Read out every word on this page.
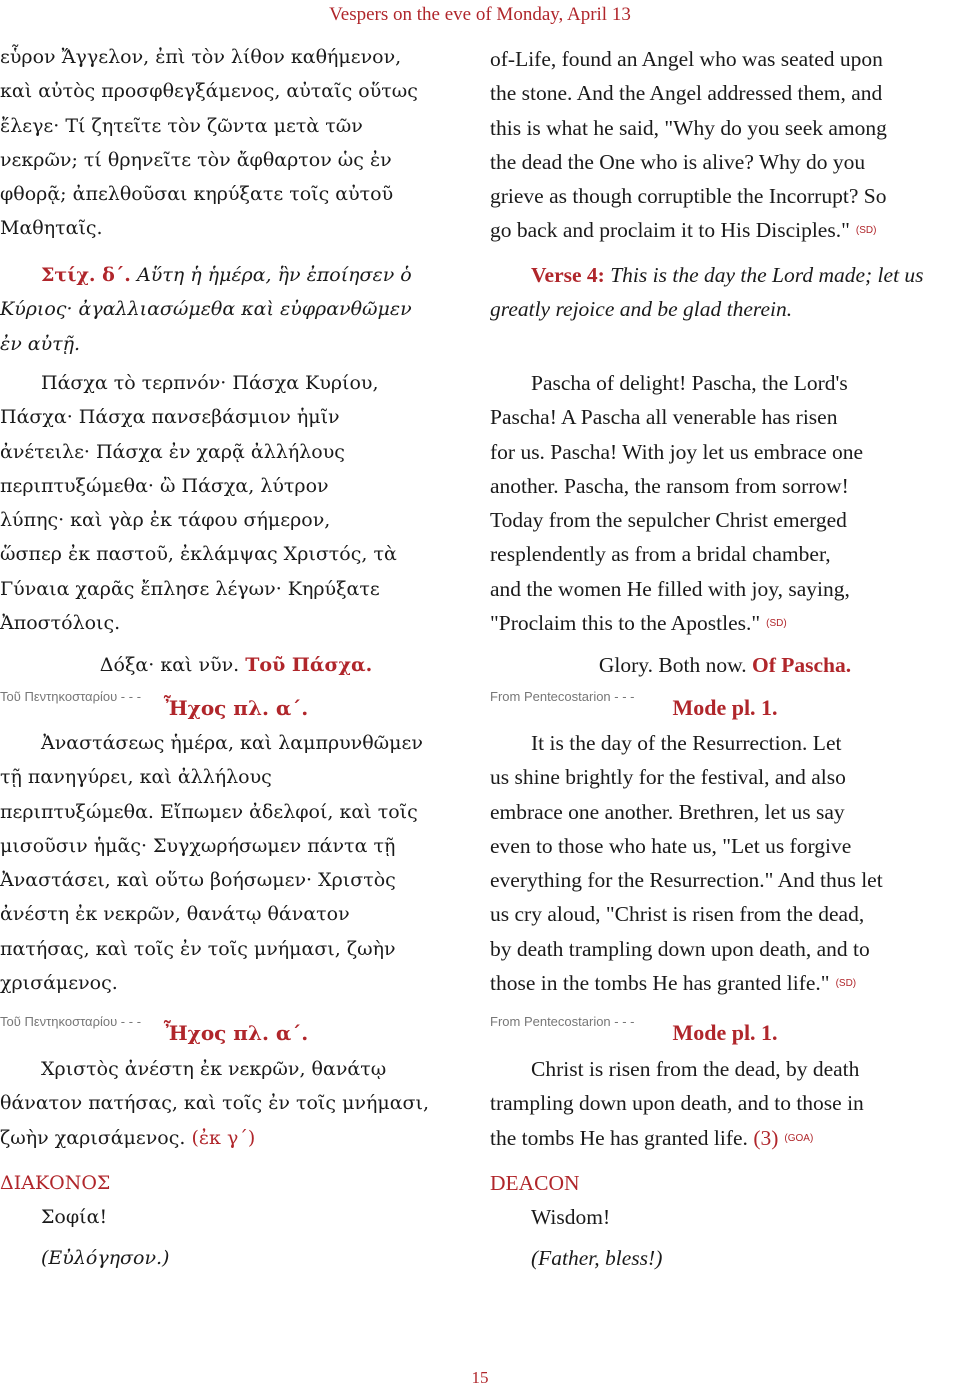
Vespers on the eve of Monday, April 13
εὗρον Ἄγγελον, ἐπὶ τὸν λίθον καθήμενον,
καὶ αὐτὸς προσφθεγξάμενος, αὐταῖς οὕτως
ἔλεγε· Τί ζητεῖτε τὸν ζῶντα μετὰ τῶν
νεκρῶν; τί θρηνεῖτε τὸν ἄφθαρτον ὡς ἐν
φθορᾷ; ἀπελθοῦσαι κηρύξατε τοῖς αὐτοῦ
Μαθηταῖς.
Στίχ. δ΄. Αὕτη ἡ ἡμέρα, ἣν ἐποίησεν ὁ
Κύριος· ἀγαλλιασώμεθα καὶ εὐφρανθῶμεν
ἐν αὐτῇ.
Πάσχα τὸ τερπνόν· Πάσχα Κυρίου,
Πάσχα· Πάσχα πανσεβάσμιον ἡμῖν
ἀνέτειλε· Πάσχα ἐν χαρᾷ ἀλλήλους
περιπτυξώμεθα· ὢ Πάσχα, λύτρον
λύπης· καὶ γὰρ ἐκ τάφου σήμερον,
ὥσπερ ἐκ παστοῦ, ἐκλάμψας Χριστός, τὰ
Γύναια χαρᾶς ἔπλησε λέγων· Κηρύξατε
Ἀποστόλοις.
Δόξα· καὶ νῦν. Τοῦ Πάσχα.
Τοῦ Πεντηκοσταρίου - - -	Ἦχος πλ. α΄.
Ἀναστάσεως ἡμέρα, καὶ λαμπρυνθῶμεν
τῇ πανηγύρει, καὶ ἀλλήλους
περιπτυξώμεθα. Εἴπωμεν ἀδελφοί, καὶ τοῖς
μισοῦσιν ἡμᾶς· Συγχωρήσωμεν πάντα τῇ
Ἀναστάσει, καὶ οὕτω βοήσωμεν· Χριστὸς
ἀνέστη ἐκ νεκρῶν, θανάτῳ θάνατον
πατήσας, καὶ τοῖς ἐν τοῖς μνήμασι, ζωὴν
χρισάμενος.
Τοῦ Πεντηκοσταρίου - - -	Ἦχος πλ. α΄.
Χριστὸς ἀνέστη ἐκ νεκρῶν, θανάτῳ
θάνατον πατήσας, καὶ τοῖς ἐν τοῖς μνήμασι,
ζωὴν χαρισάμενος. (ἐκ γ΄)
ΔΙΑΚΟΝΟΣ
Σοφία!
(Εὐλόγησον.)
of-Life, found an Angel who was seated upon
the stone. And the Angel addressed them, and
this is what he said, "Why do you seek among
the dead the One who is alive? Why do you
grieve as though corruptible the Incorrupt? So
go back and proclaim it to His Disciples." $^{(SD)}$
Verse 4: This is the day the Lord made; let us
greatly rejoice and be glad therein.
Pascha of delight! Pascha, the Lord's
Pascha! A Pascha all venerable has risen
for us. Pascha! With joy let us embrace one
another. Pascha, the ransom from sorrow!
Today from the sepulcher Christ emerged
resplendently as from a bridal chamber,
and the women He filled with joy, saying,
"Proclaim this to the Apostles." $^{(SD)}$
Glory. Both now. Of Pascha.
From Pentecostarion - - -	Mode pl. 1.
It is the day of the Resurrection. Let
us shine brightly for the festival, and also
embrace one another. Brethren, let us say
even to those who hate us, "Let us forgive
everything for the Resurrection." And thus let
us cry aloud, "Christ is risen from the dead,
by death trampling down upon death, and to
those in the tombs He has granted life." $^{(SD)}$
From Pentecostarion - - -	Mode pl. 1.
Christ is risen from the dead, by death
trampling down upon death, and to those in
the tombs He has granted life. (3) $^{(GOA)}$
DEACON
Wisdom!
(Father, bless!)
15
